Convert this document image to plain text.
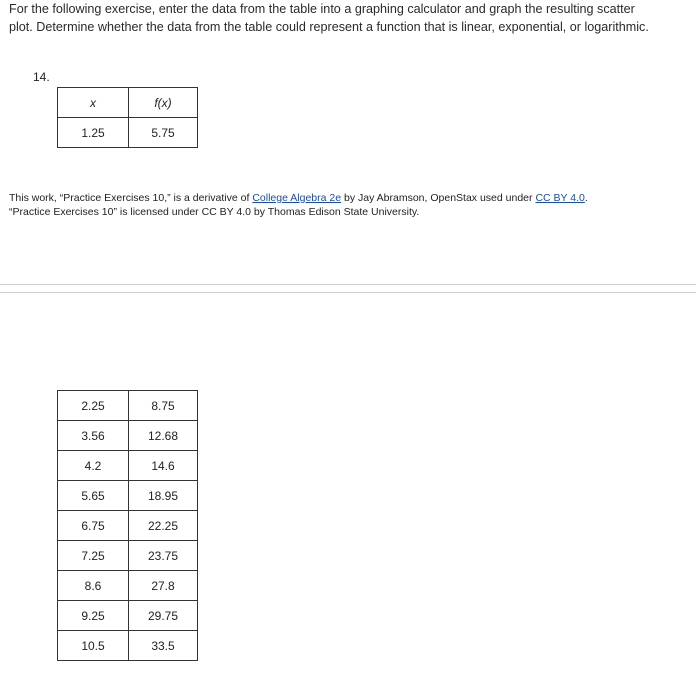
For the following exercise, enter the data from the table into a graphing calculator and graph the resulting scatter plot. Determine whether the data from the table could represent a function that is linear, exponential, or logarithmic.
14.
x	f(x)
1.25	5.75
This work, “Practice Exercises 10,” is a derivative of College Algebra 2e by Jay Abramson, OpenStax used under CC BY 4.0.
“Practice Exercises 10” is licensed under CC BY 4.0 by Thomas Edison State University.
2.25	8.75
3.56	12.68
4.2	14.6
5.65	18.95
6.75	22.25
7.25	23.75
8.6	27.8
9.25	29.75
10.5	33.5
